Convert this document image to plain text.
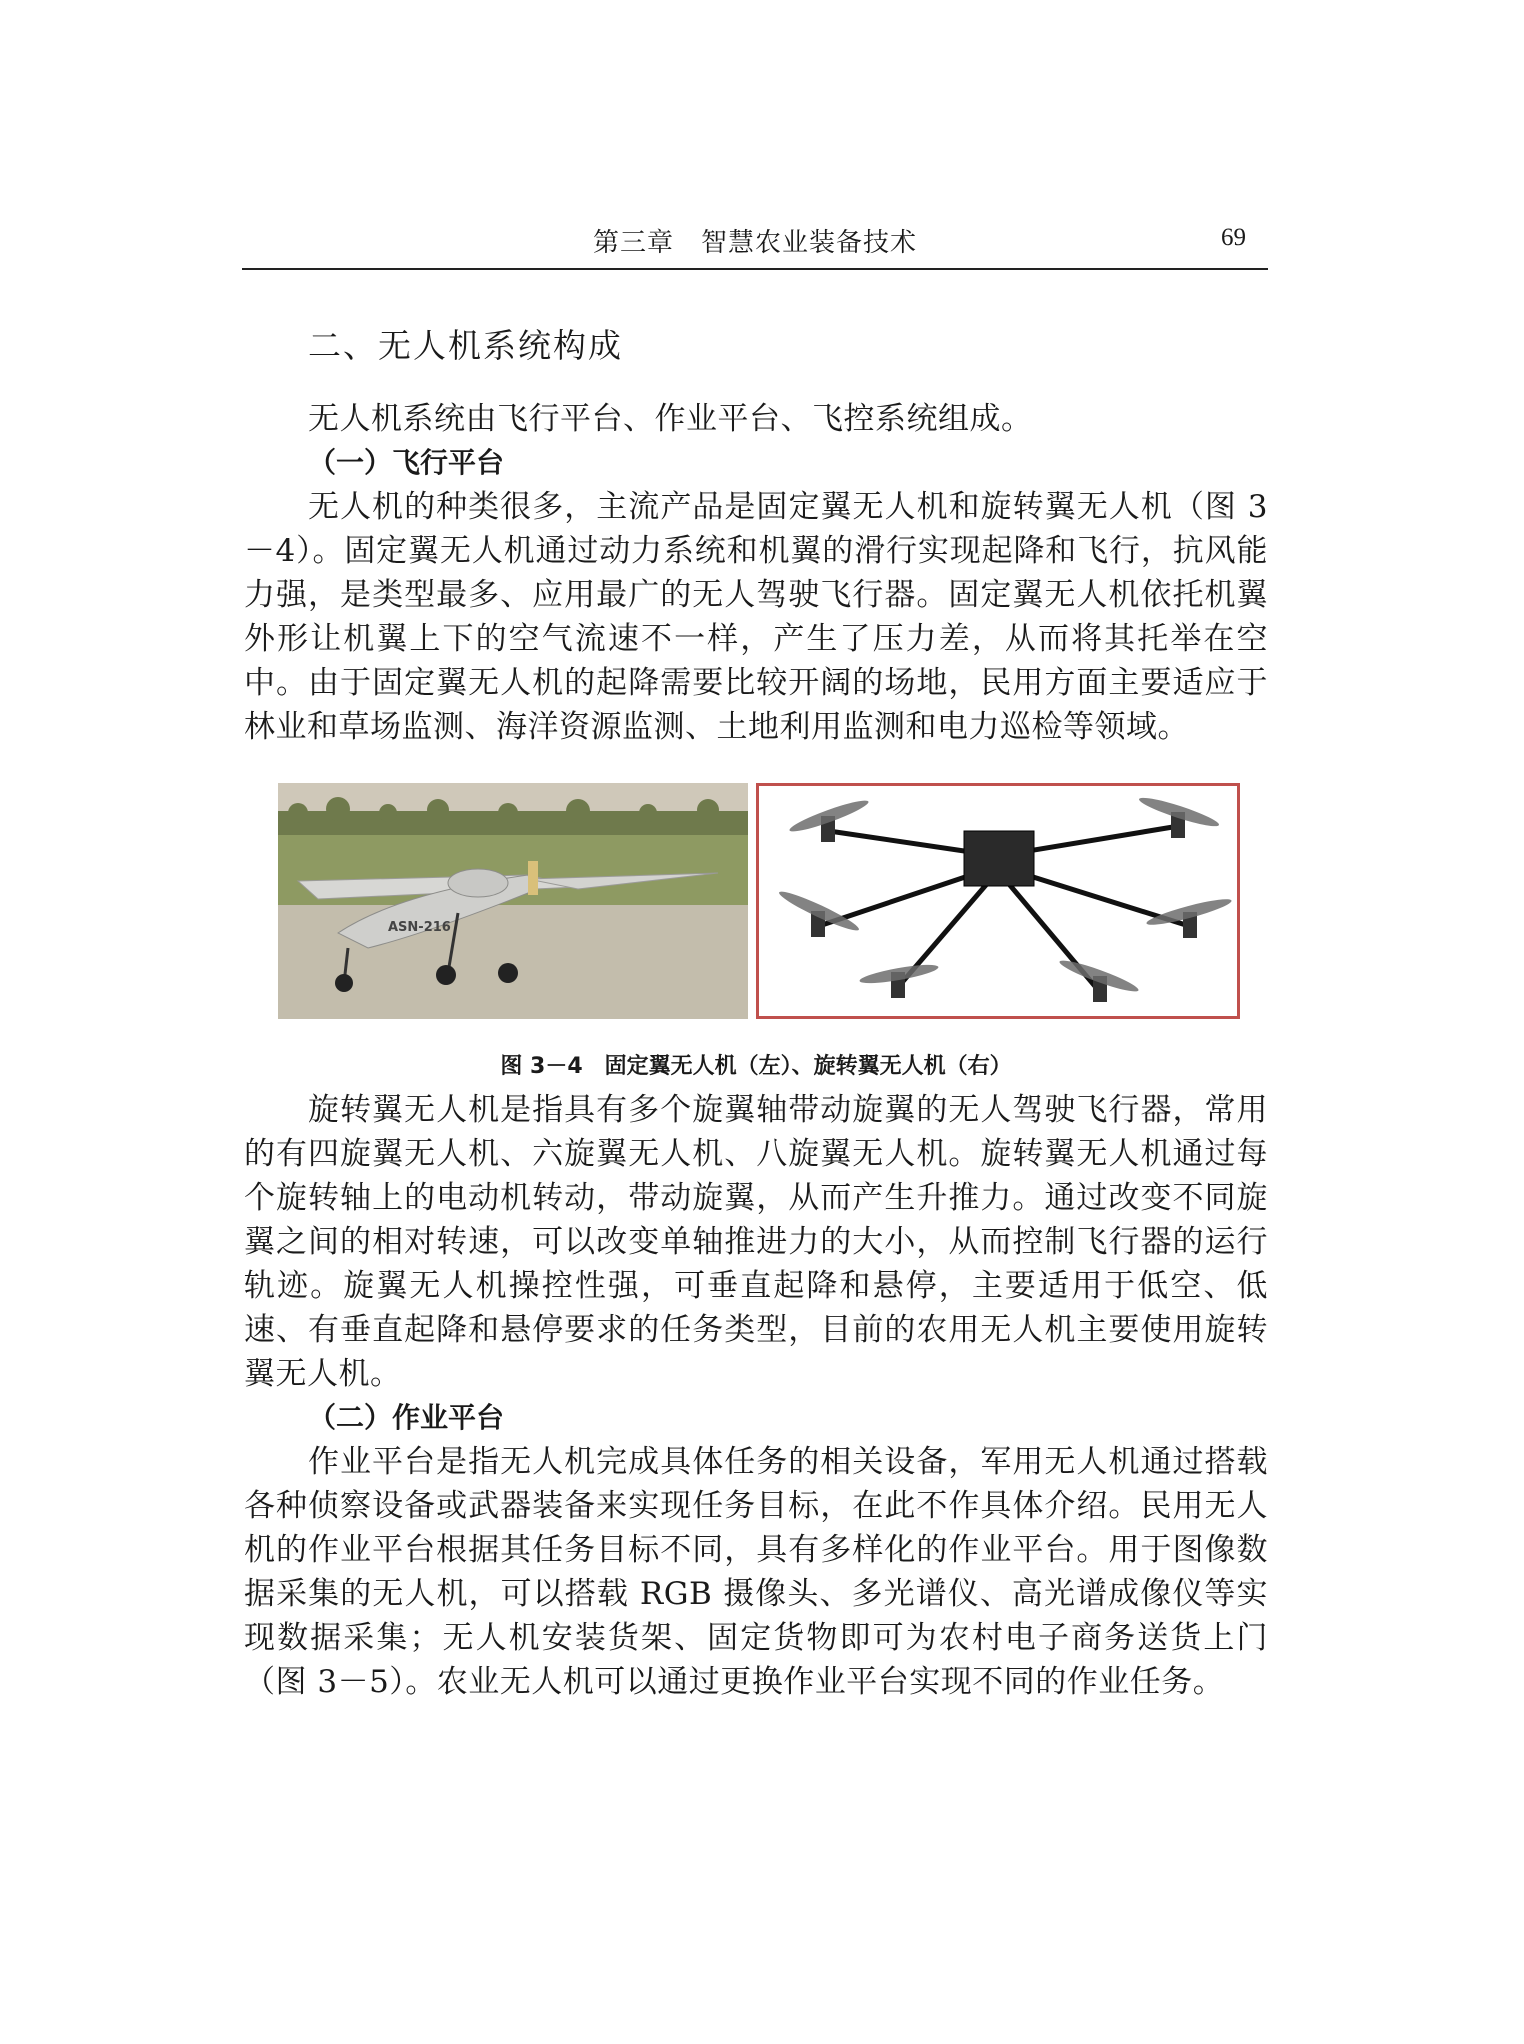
第三章　智慧农业装备技术	69
二、无人机系统构成

无人机系统由飞行平台、作业平台、飞控系统组成。

（一）飞行平台

无人机的种类很多，主流产品是固定翼无人机和旋转翼无人机（图 3－4）。固定翼无人机通过动力系统和机翼的滑行实现起降和飞行，抗风能力强，是类型最多、应用最广的无人驾驶飞行器。固定翼无人机依托机翼外形让机翼上下的空气流速不一样，产生了压力差，从而将其托举在空中。由于固定翼无人机的起降需要比较开阔的场地，民用方面主要适应于林业和草场监测、海洋资源监测、土地利用监测和电力巡检等领域。

ASN-216

图 3－4　固定翼无人机（左）、旋转翼无人机（右）

旋转翼无人机是指具有多个旋翼轴带动旋翼的无人驾驶飞行器，常用的有四旋翼无人机、六旋翼无人机、八旋翼无人机。旋转翼无人机通过每个旋转轴上的电动机转动，带动旋翼，从而产生升推力。通过改变不同旋翼之间的相对转速，可以改变单轴推进力的大小，从而控制飞行器的运行轨迹。旋翼无人机操控性强，可垂直起降和悬停，主要适用于低空、低速、有垂直起降和悬停要求的任务类型，目前的农用无人机主要使用旋转翼无人机。

（二）作业平台

作业平台是指无人机完成具体任务的相关设备，军用无人机通过搭载各种侦察设备或武器装备来实现任务目标，在此不作具体介绍。民用无人机的作业平台根据其任务目标不同，具有多样化的作业平台。用于图像数据采集的无人机，可以搭载 RGB 摄像头、多光谱仪、高光谱成像仪等实现数据采集；无人机安装货架、固定货物即可为农村电子商务送货上门（图 3－5）。农业无人机可以通过更换作业平台实现不同的作业任务。
